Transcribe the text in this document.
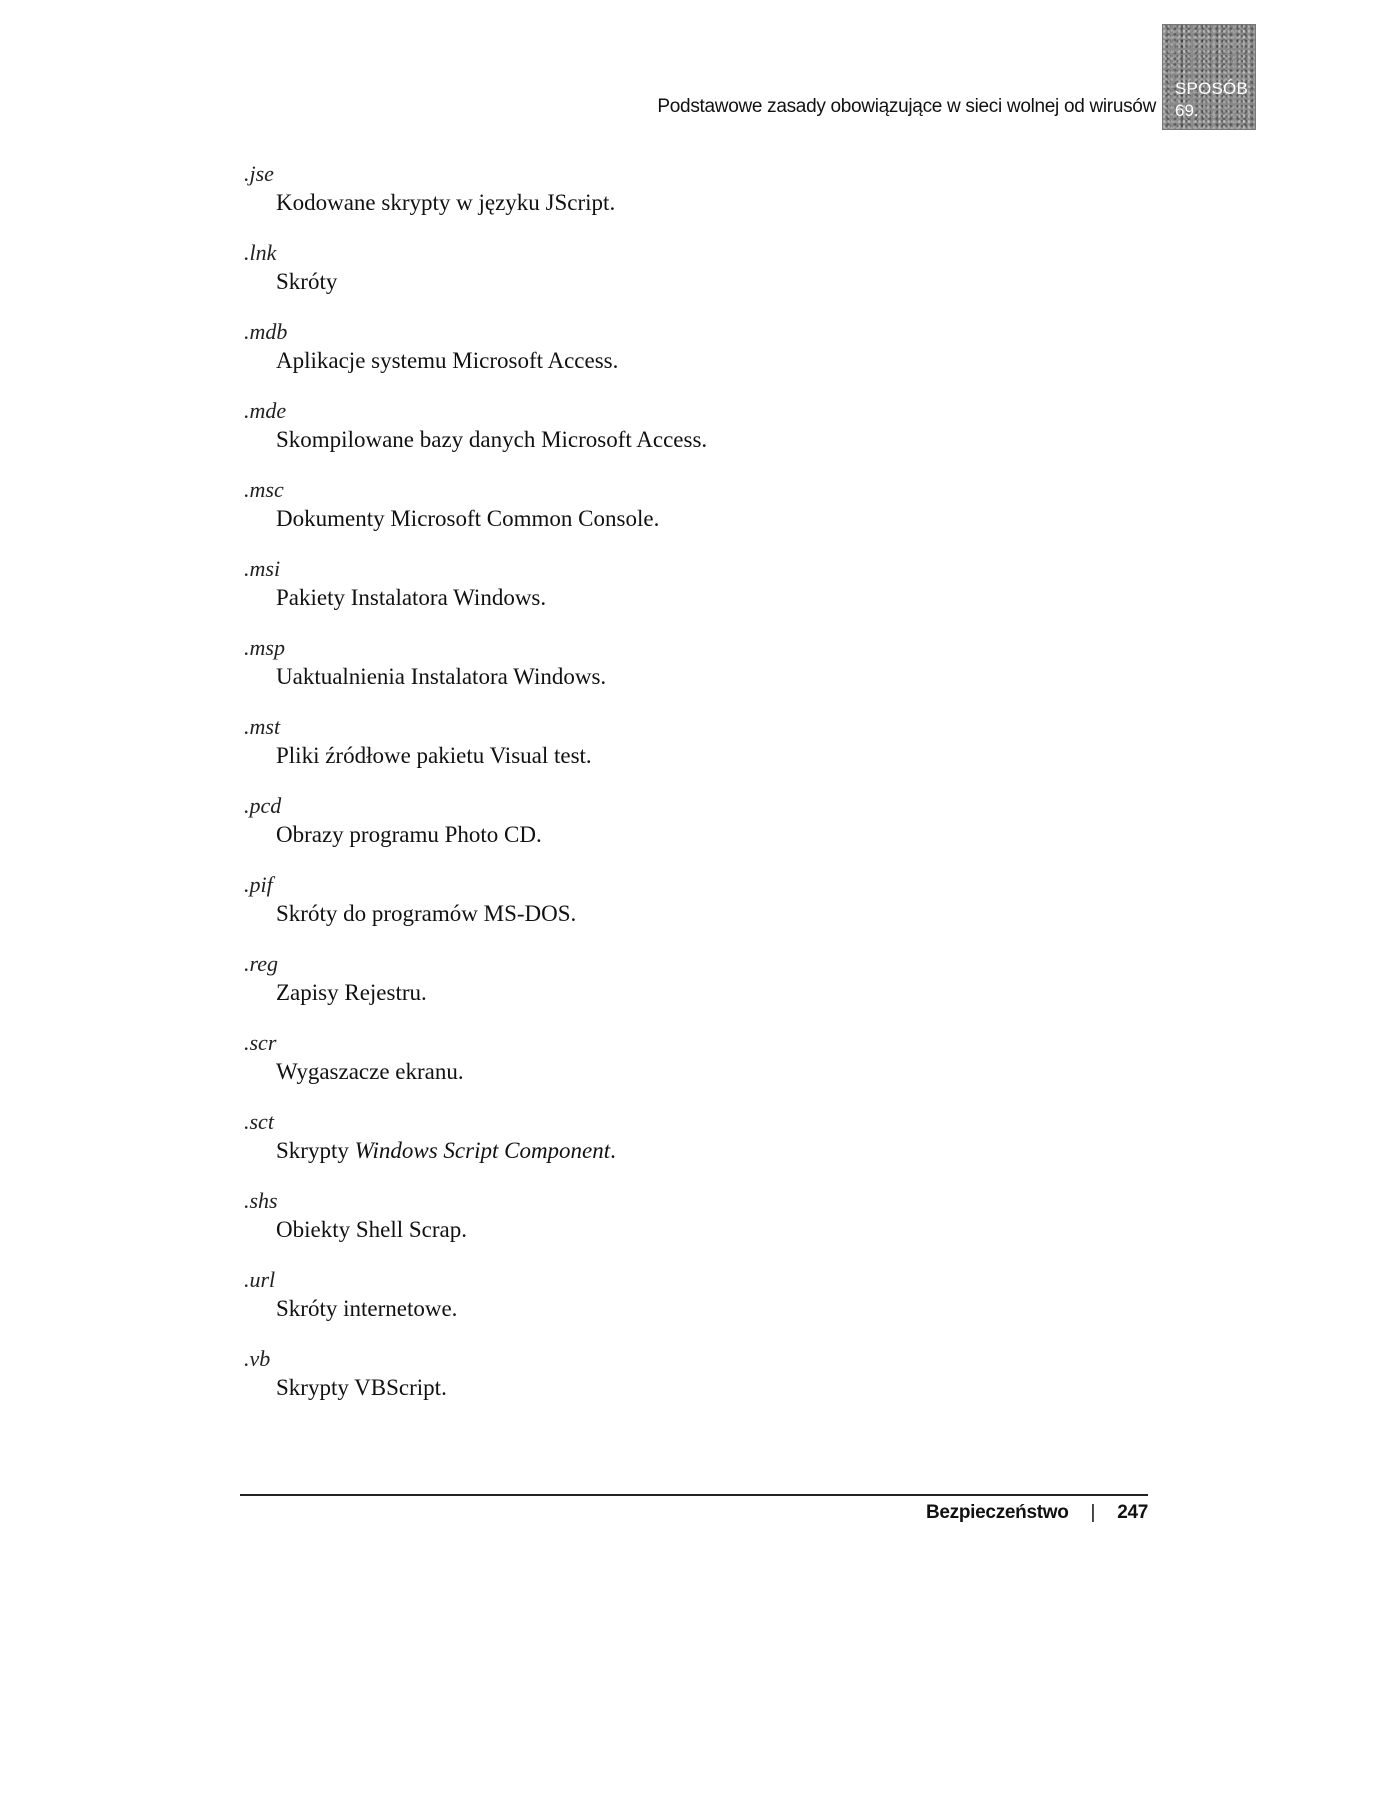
Podstawowe zasady obowiązujące w sieci wolnej od wirusów
SPOSÓB
69.
.jse
Kodowane skrypty w języku JScript.
.lnk
Skróty
.mdb
Aplikacje systemu Microsoft Access.
.mde
Skompilowane bazy danych Microsoft Access.
.msc
Dokumenty Microsoft Common Console.
.msi
Pakiety Instalatora Windows.
.msp
Uaktualnienia Instalatora Windows.
.mst
Pliki źródłowe pakietu Visual test.
.pcd
Obrazy programu Photo CD.
.pif
Skróty do programów MS-DOS.
.reg
Zapisy Rejestru.
.scr
Wygaszacze ekranu.
.sct
Skrypty Windows Script Component.
.shs
Obiekty Shell Scrap.
.url
Skróty internetowe.
.vb
Skrypty VBScript.
Bezpieczeństwo | 247
